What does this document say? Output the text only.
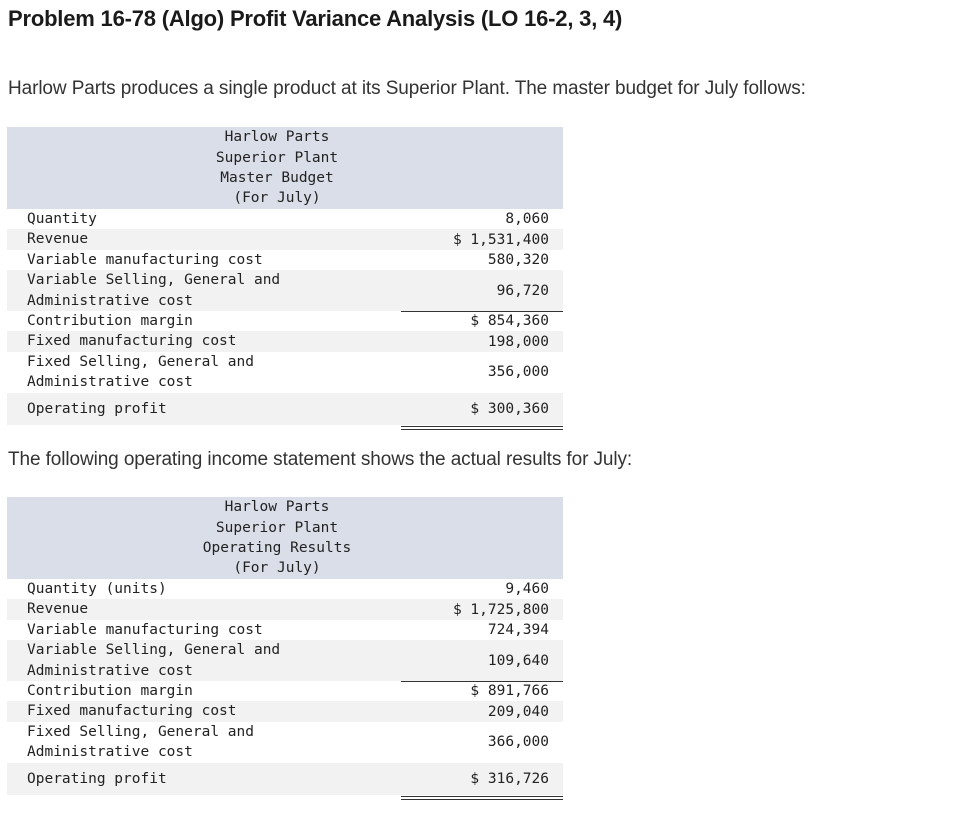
Problem 16-78 (Algo) Profit Variance Analysis (LO 16-2, 3, 4)
Harlow Parts produces a single product at its Superior Plant. The master budget for July follows:
Harlow Parts
Superior Plant
Master Budget
(For July)
Quantity	8,060
Revenue	$ 1,531,400
Variable manufacturing cost	580,320
Variable Selling, General and
Administrative cost
96,720
Contribution margin	$ 854,360
Fixed manufacturing cost	198,000
Fixed Selling, General and
Administrative cost
356,000
Operating profit	$ 300,360
The following operating income statement shows the actual results for July:
Harlow Parts
Superior Plant
Operating Results
(For July)
Quantity (units)	9,460
Revenue	$ 1,725,800
Variable manufacturing cost	724,394
Variable Selling, General and
Administrative cost
109,640
Contribution margin	$ 891,766
Fixed manufacturing cost	209,040
Fixed Selling, General and
Administrative cost
366,000
Operating profit	$ 316,726
